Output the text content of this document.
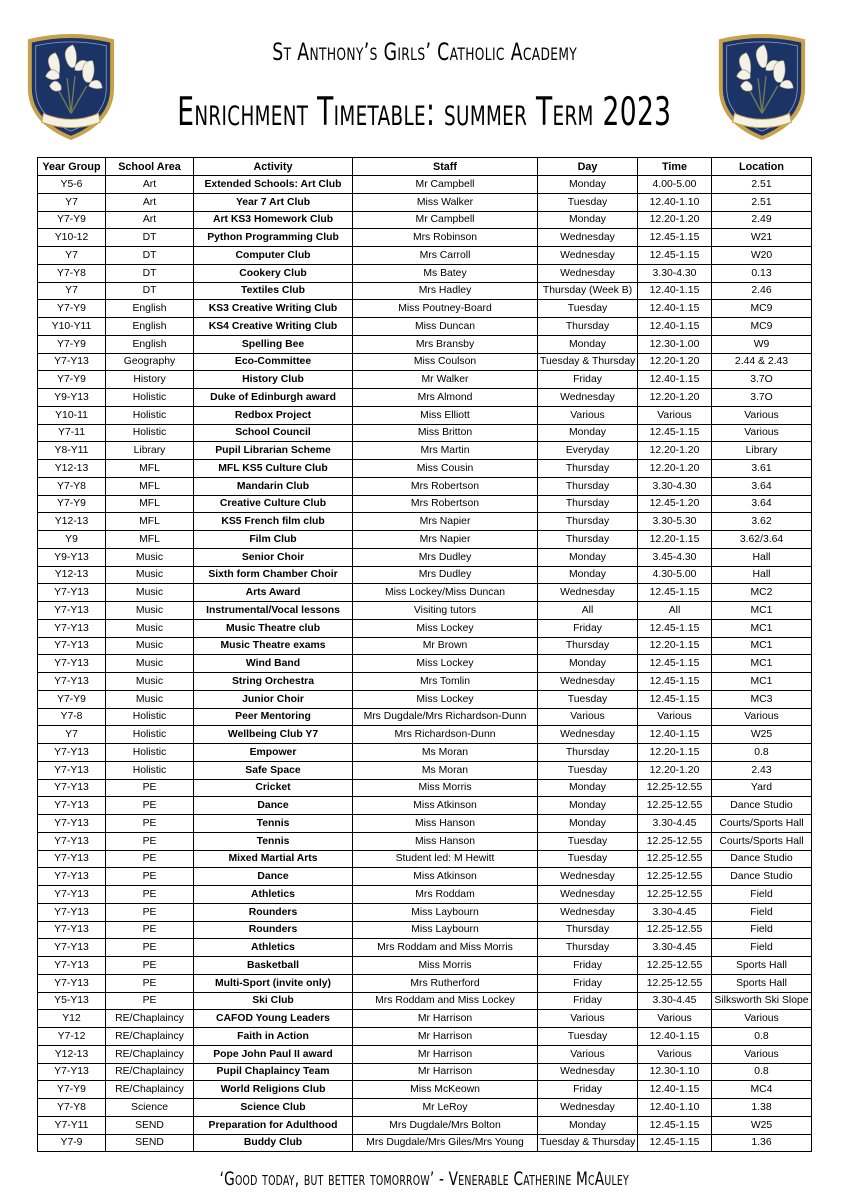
St Anthony’s Girls’ Catholic Academy
Enrichment Timetable: summer Term 2023
Year Group	School Area	Activity	Staff	Day	Time	Location
Y5-6	Art	Extended Schools: Art Club	Mr Campbell	Monday	4.00-5.00	2.51
Y7	Art	Year 7 Art Club	Miss Walker	Tuesday	12.40-1.10	2.51
Y7-Y9	Art	Art KS3 Homework Club	Mr Campbell	Monday	12.20-1.20	2.49
Y10-12	DT	Python Programming Club	Mrs Robinson	Wednesday	12.45-1.15	W21
Y7	DT	Computer Club	Mrs Carroll	Wednesday	12.45-1.15	W20
Y7-Y8	DT	Cookery Club	Ms Batey	Wednesday	3.30-4.30	0.13
Y7	DT	Textiles Club	Mrs Hadley	Thursday (Week B)	12.40-1.15	2.46
Y7-Y9	English	KS3 Creative Writing Club	Miss Poutney-Board	Tuesday	12.40-1.15	MC9
Y10-Y11	English	KS4 Creative Writing Club	Miss Duncan	Thursday	12.40-1.15	MC9
Y7-Y9	English	Spelling Bee	Mrs Bransby	Monday	12.30-1.00	W9
Y7-Y13	Geography	Eco-Committee	Miss Coulson	Tuesday & Thursday	12.20-1.20	2.44 & 2.43
Y7-Y9	History	History Club	Mr Walker	Friday	12.40-1.15	3.7O
Y9-Y13	Holistic	Duke of Edinburgh award	Mrs Almond	Wednesday	12.20-1.20	3.7O
Y10-11	Holistic	Redbox Project	Miss Elliott	Various	Various	Various
Y7-11	Holistic	School Council	Miss Britton	Monday	12.45-1.15	Various
Y8-Y11	Library	Pupil Librarian Scheme	Mrs Martin	Everyday	12.20-1.20	Library
Y12-13	MFL	MFL KS5 Culture Club	Miss Cousin	Thursday	12.20-1.20	3.61
Y7-Y8	MFL	Mandarin Club	Mrs Robertson	Thursday	3.30-4.30	3.64
Y7-Y9	MFL	Creative Culture Club	Mrs Robertson	Thursday	12.45-1.20	3.64
Y12-13	MFL	KS5 French film club	Mrs Napier	Thursday	3.30-5.30	3.62
Y9	MFL	Film Club	Mrs Napier	Thursday	12.20-1.15	3.62/3.64
Y9-Y13	Music	Senior Choir	Mrs Dudley	Monday	3.45-4.30	Hall
Y12-13	Music	Sixth form Chamber Choir	Mrs Dudley	Monday	4.30-5.00	Hall
Y7-Y13	Music	Arts Award	Miss Lockey/Miss Duncan	Wednesday	12.45-1.15	MC2
Y7-Y13	Music	Instrumental/Vocal lessons	Visiting tutors	All	All	MC1
Y7-Y13	Music	Music Theatre club	Miss Lockey	Friday	12.45-1.15	MC1
Y7-Y13	Music	Music Theatre exams	Mr Brown	Thursday	12.20-1.15	MC1
Y7-Y13	Music	Wind Band	Miss Lockey	Monday	12.45-1.15	MC1
Y7-Y13	Music	String Orchestra	Mrs Tomlin	Wednesday	12.45-1.15	MC1
Y7-Y9	Music	Junior Choir	Miss Lockey	Tuesday	12.45-1.15	MC3
Y7-8	Holistic	Peer Mentoring	Mrs Dugdale/Mrs Richardson-Dunn	Various	Various	Various
Y7	Holistic	Wellbeing Club Y7	Mrs Richardson-Dunn	Wednesday	12.40-1.15	W25
Y7-Y13	Holistic	Empower	Ms Moran	Thursday	12.20-1.15	0.8
Y7-Y13	Holistic	Safe Space	Ms Moran	Tuesday	12.20-1.20	2.43
Y7-Y13	PE	Cricket	Miss Morris	Monday	12.25-12.55	Yard
Y7-Y13	PE	Dance	Miss Atkinson	Monday	12.25-12.55	Dance Studio
Y7-Y13	PE	Tennis	Miss Hanson	Monday	3.30-4.45	Courts/Sports Hall
Y7-Y13	PE	Tennis	Miss Hanson	Tuesday	12.25-12.55	Courts/Sports Hall
Y7-Y13	PE	Mixed Martial Arts	Student led: M Hewitt	Tuesday	12.25-12.55	Dance Studio
Y7-Y13	PE	Dance	Miss Atkinson	Wednesday	12.25-12.55	Dance Studio
Y7-Y13	PE	Athletics	Mrs Roddam	Wednesday	12.25-12.55	Field
Y7-Y13	PE	Rounders	Miss Laybourn	Wednesday	3.30-4.45	Field
Y7-Y13	PE	Rounders	Miss Laybourn	Thursday	12.25-12.55	Field
Y7-Y13	PE	Athletics	Mrs Roddam and Miss Morris	Thursday	3.30-4.45	Field
Y7-Y13	PE	Basketball	Miss Morris	Friday	12.25-12.55	Sports Hall
Y7-Y13	PE	Multi-Sport (invite only)	Mrs Rutherford	Friday	12.25-12.55	Sports Hall
Y5-Y13	PE	Ski Club	Mrs Roddam and Miss Lockey	Friday	3.30-4.45	Silksworth Ski Slope
Y12	RE/Chaplaincy	CAFOD Young Leaders	Mr Harrison	Various	Various	Various
Y7-12	RE/Chaplaincy	Faith in Action	Mr Harrison	Tuesday	12.40-1.15	0.8
Y12-13	RE/Chaplaincy	Pope John Paul II award	Mr Harrison	Various	Various	Various
Y7-Y13	RE/Chaplaincy	Pupil Chaplaincy Team	Mr Harrison	Wednesday	12.30-1.10	0.8
Y7-Y9	RE/Chaplaincy	World Religions Club	Miss McKeown	Friday	12.40-1.15	MC4
Y7-Y8	Science	Science Club	Mr LeRoy	Wednesday	12.40-1.10	1.38
Y7-Y11	SEND	Preparation for Adulthood	Mrs Dugdale/Mrs Bolton	Monday	12.45-1.15	W25
Y7-9	SEND	Buddy Club	Mrs Dugdale/Mrs Giles/Mrs Young	Tuesday & Thursday	12.45-1.15	1.36
‘Good today, but better tomorrow’ - Venerable Catherine McAuley
